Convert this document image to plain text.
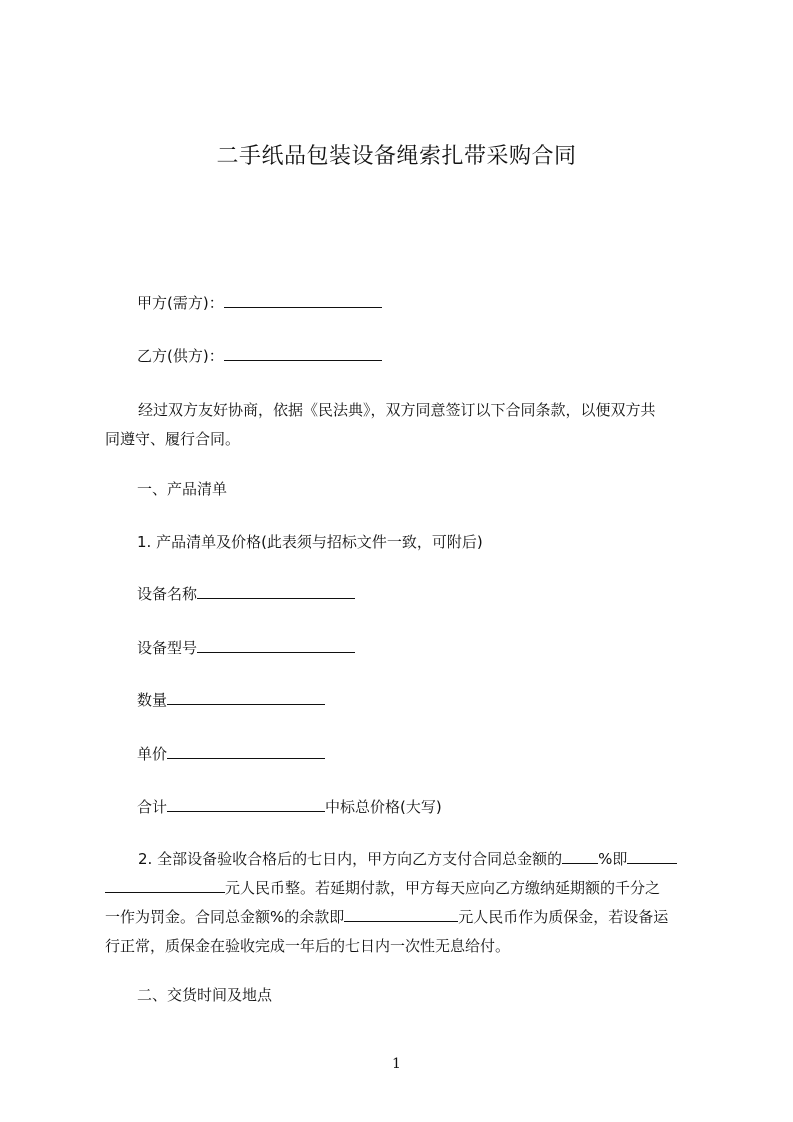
二手纸品包装设备绳索扎带采购合同
甲方(需方)：
乙方(供方)：
经过双方友好协商，依据《民法典》，双方同意签订以下合同条款，以便双方共
同遵守、履行合同。
一、产品清单
1. 产品清单及价格(此表须与招标文件一致，可附后)
设备名称
设备型号
数量
单价
合计	中标总价格(大写)
2. 全部设备验收合格后的七日内，甲方向乙方支付合同总金额的 %即
元人民币整。若延期付款，甲方每天应向乙方缴纳延期额的千分之
一作为罚金。合同总金额%的余款即	元人民币作为质保金，若设备运
行正常，质保金在验收完成一年后的七日内一次性无息给付。
二、交货时间及地点
1
